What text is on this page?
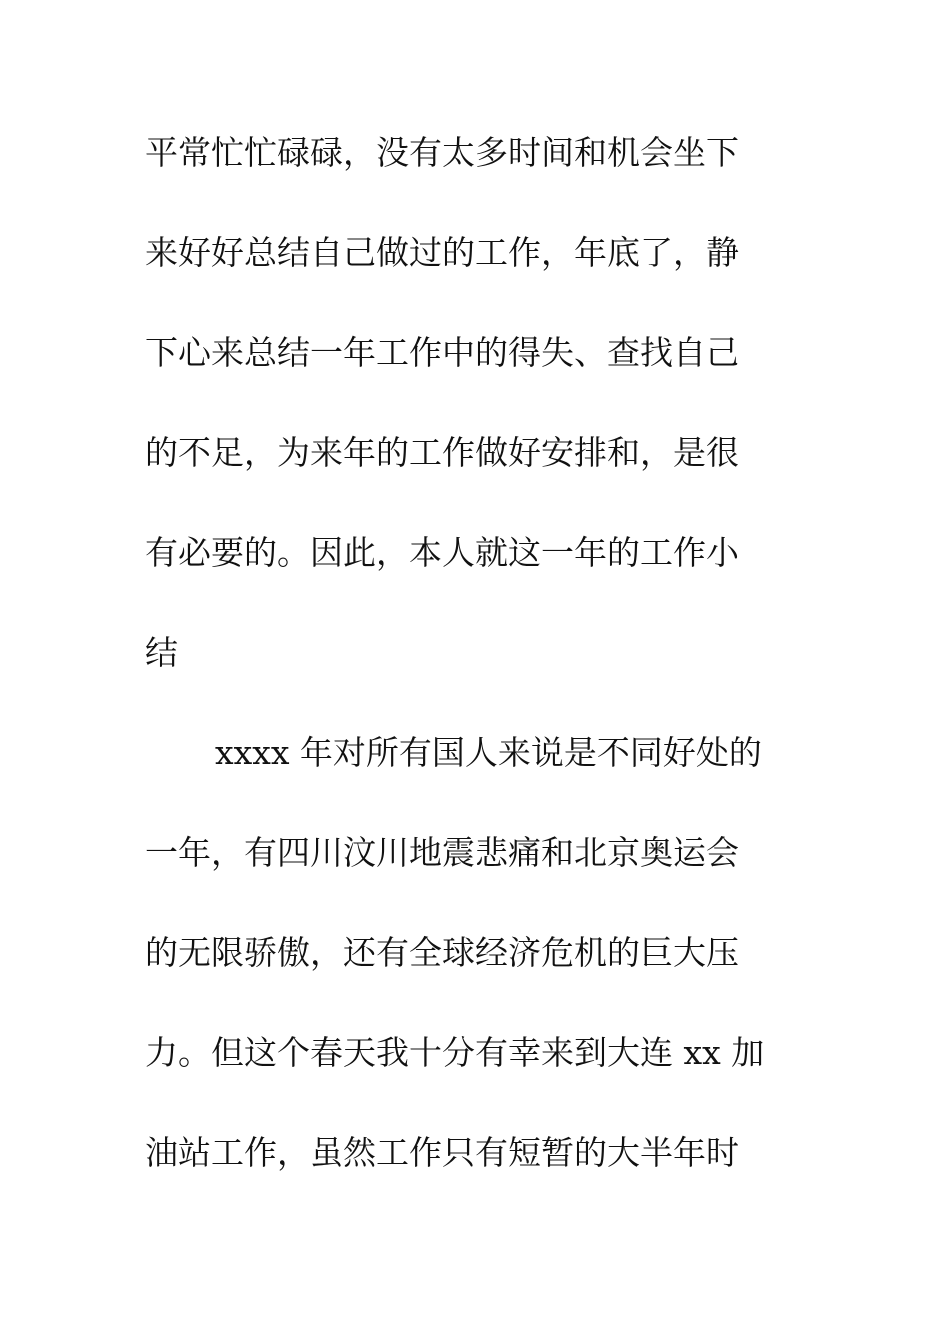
平常忙忙碌碌，没有太多时间和机会坐下
来好好总结自己做过的工作，年底了，静
下心来总结一年工作中的得失、查找自己
的不足，为来年的工作做好安排和，是很
有必要的。因此，本人就这一年的工作小
结
xxxx 年对所有国人来说是不同好处的
一年，有四川汶川地震悲痛和北京奥运会
的无限骄傲，还有全球经济危机的巨大压
力。但这个春天我十分有幸来到大连 xx 加
油站工作，虽然工作只有短暂的大半年时
